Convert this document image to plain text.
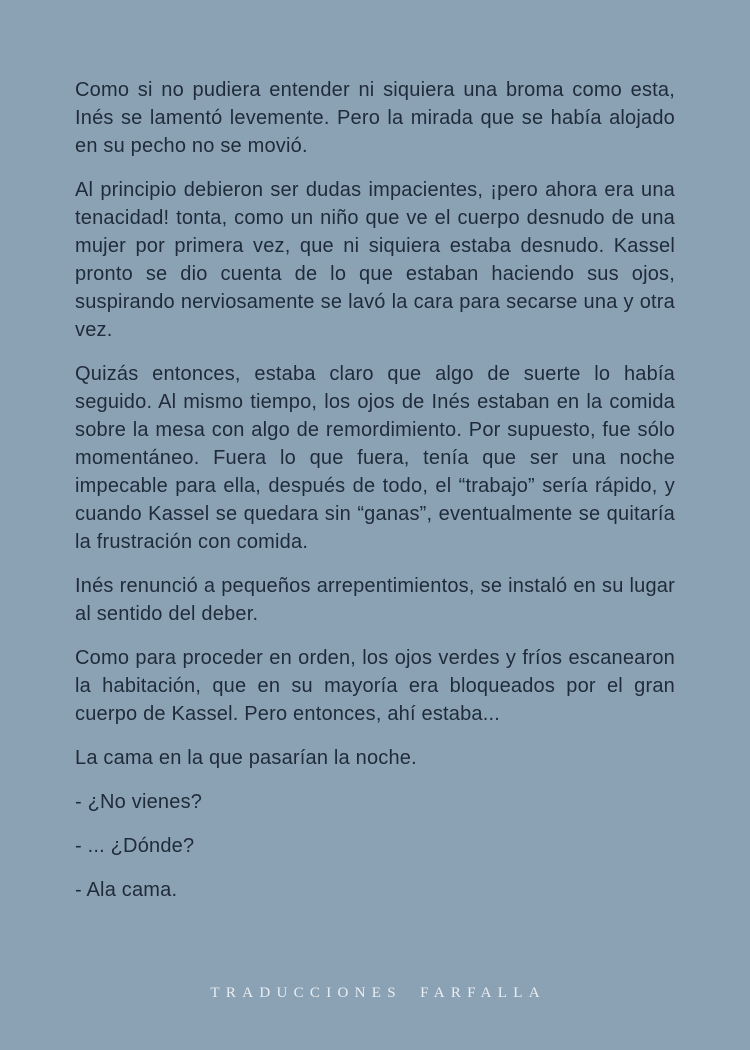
Como si no pudiera entender ni siquiera una broma como esta, Inés se lamentó levemente. Pero la mirada que se había alojado en su pecho no se movió.

Al principio debieron ser dudas impacientes, ¡pero ahora era una tenacidad! tonta, como un niño que ve el cuerpo desnudo de una mujer por primera vez, que ni siquiera estaba desnudo. Kassel pronto se dio cuenta de lo que estaban haciendo sus ojos, suspirando nerviosamente se lavó la cara para secarse una y otra vez.

Quizás entonces, estaba claro que algo de suerte lo había seguido. Al mismo tiempo, los ojos de Inés estaban en la comida sobre la mesa con algo de remordimiento. Por supuesto, fue sólo momentáneo. Fuera lo que fuera, tenía que ser una noche impecable para ella, después de todo, el “trabajo” sería rápido, y cuando Kassel se quedara sin “ganas”, eventualmente se quitaría la frustración con comida.

Inés renunció a pequeños arrepentimientos, se instaló en su lugar al sentido del deber.

Como para proceder en orden, los ojos verdes y fríos escanearon la habitación, que en su mayoría era bloqueados por el gran cuerpo de Kassel. Pero entonces, ahí estaba...

La cama en la que pasarían la noche.

- ¿No vienes?

- ... ¿Dónde?

- Ala cama.

TRADUCCIONES FARFALLA
